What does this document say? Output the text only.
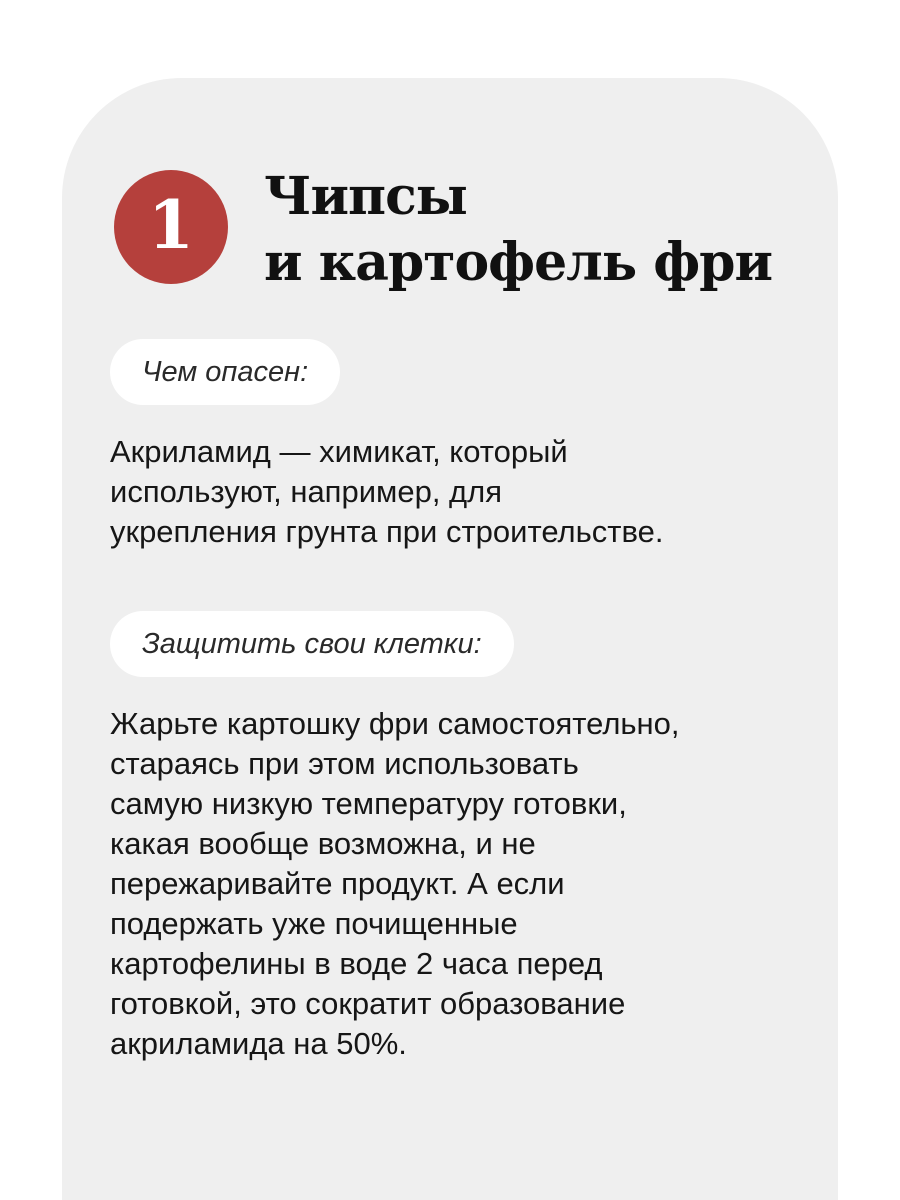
1 Чипсы
и картофель фри
Чем опасен:

Акриламид — химикат, который
используют, например, для
укрепления грунта при строительстве.

Защитить свои клетки:

Жарьте картошку фри самостоятельно,
стараясь при этом использовать
самую низкую температуру готовки,
какая вообще возможна, и не
пережаривайте продукт. А если
подержать уже почищенные
картофелины в воде 2 часа перед
готовкой, это сократит образование
акриламида на 50%.
